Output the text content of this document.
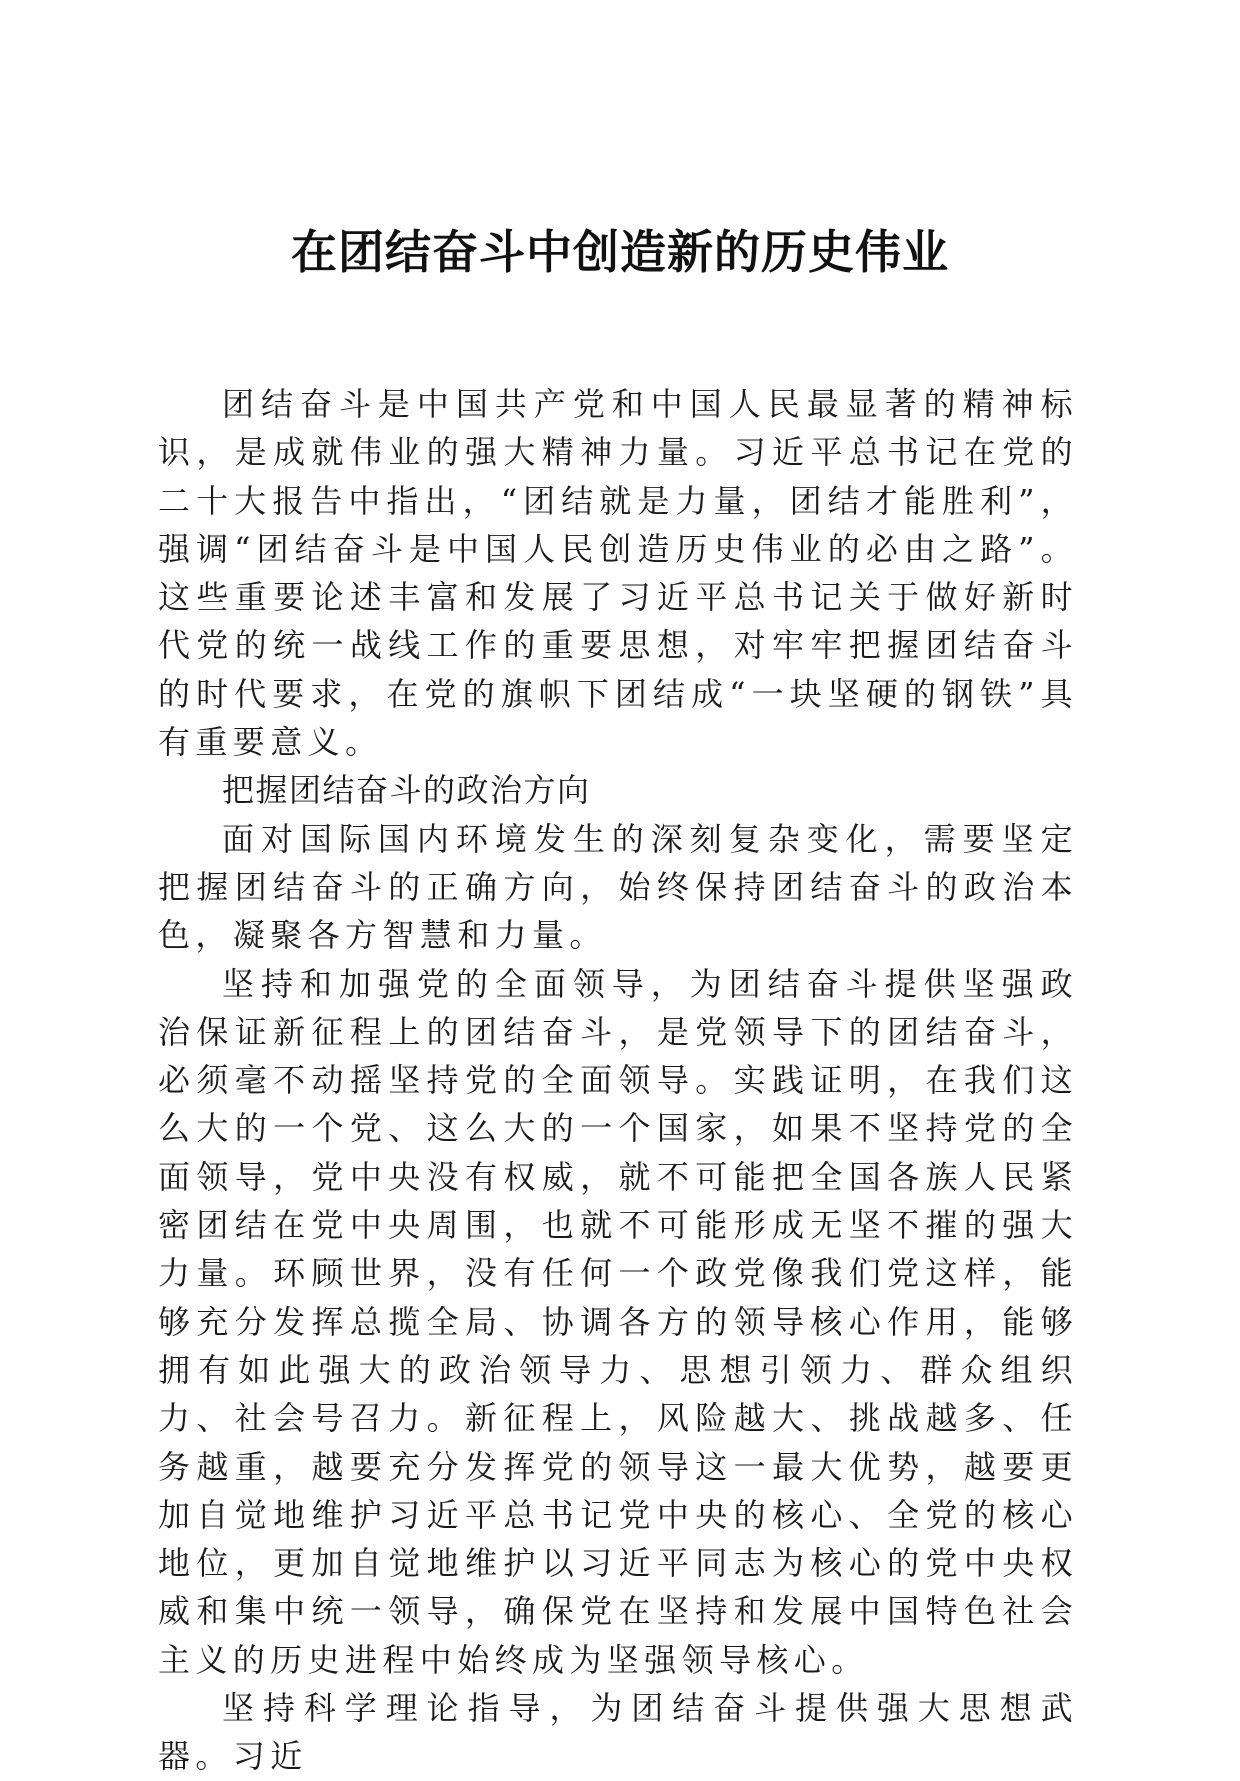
在团结奋斗中创造新的历史伟业

团结奋斗是中国共产党和中国人民最显著的精神标识，是成就伟业的强大精神力量。习近平总书记在党的二十大报告中指出，“团结就是力量，团结才能胜利”，强调“团结奋斗是中国人民创造历史伟业的必由之路”。这些重要论述丰富和发展了习近平总书记关于做好新时代党的统一战线工作的重要思想，对牢牢把握团结奋斗的时代要求，在党的旗帜下团结成“一块坚硬的钢铁”具有重要意义。

把握团结奋斗的政治方向

面对国际国内环境发生的深刻复杂变化，需要坚定把握团结奋斗的正确方向，始终保持团结奋斗的政治本色，凝聚各方智慧和力量。

坚持和加强党的全面领导，为团结奋斗提供坚强政治保证新征程上的团结奋斗，是党领导下的团结奋斗，必须毫不动摇坚持党的全面领导。实践证明，在我们这么大的一个党、这么大的一个国家，如果不坚持党的全面领导，党中央没有权威，就不可能把全国各族人民紧密团结在党中央周围，也就不可能形成无坚不摧的强大力量。环顾世界，没有任何一个政党像我们党这样，能够充分发挥总揽全局、协调各方的领导核心作用，能够拥有如此强大的政治领导力、思想引领力、群众组织力、社会号召力。新征程上，风险越大、挑战越多、任务越重，越要充分发挥党的领导这一最大优势，越要更加自觉地维护习近平总书记党中央的核心、全党的核心地位，更加自觉地维护以习近平同志为核心的党中央权威和集中统一领导，确保党在坚持和发展中国特色社会主义的历史进程中始终成为坚强领导核心。

坚持科学理论指导，为团结奋斗提供强大思想武器。习近
